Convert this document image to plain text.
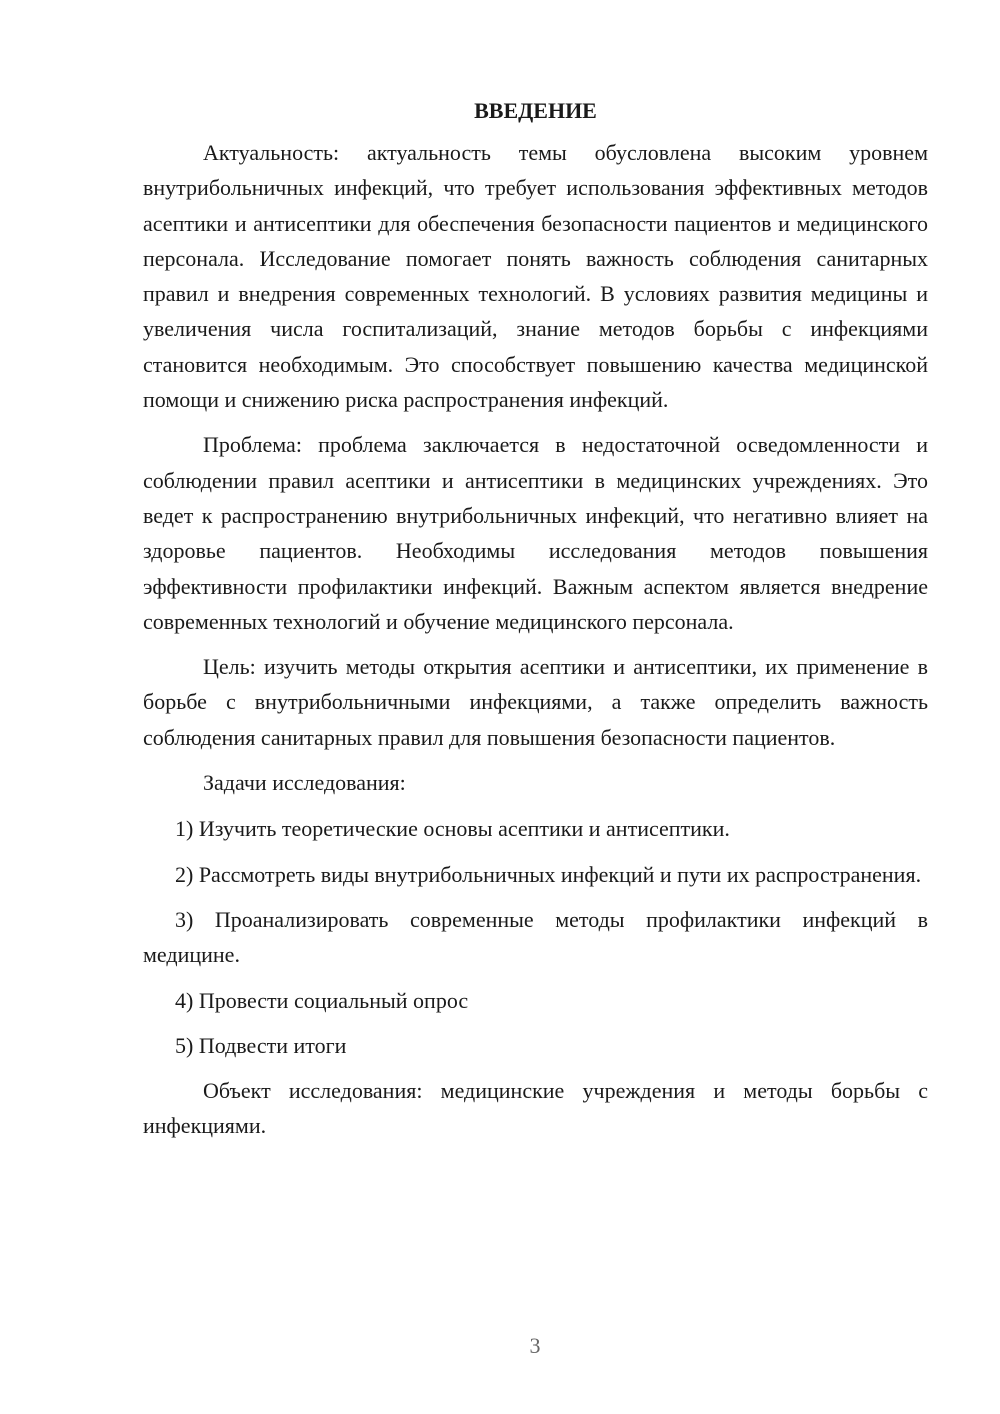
ВВЕДЕНИЕ

Актуальность: актуальность темы обусловлена высоким уровнем внутрибольничных инфекций, что требует использования эффективных методов асептики и антисептики для обеспечения безопасности пациентов и медицинского персонала. Исследование помогает понять важность соблюдения санитарных правил и внедрения современных технологий. В условиях развития медицины и увеличения числа госпитализаций, знание методов борьбы с инфекциями становится необходимым. Это способствует повышению качества медицинской помощи и снижению риска распространения инфекций.

Проблема: проблема заключается в недостаточной осведомленности и соблюдении правил асептики и антисептики в медицинских учреждениях. Это ведет к распространению внутрибольничных инфекций, что негативно влияет на здоровье пациентов. Необходимы исследования методов повышения эффективности профилактики инфекций. Важным аспектом является внедрение современных технологий и обучение медицинского персонала.

Цель: изучить методы открытия асептики и антисептики, их применение в борьбе с внутрибольничными инфекциями, а также определить важность соблюдения санитарных правил для повышения безопасности пациентов.

Задачи исследования:

1) Изучить теоретические основы асептики и антисептики.

2) Рассмотреть виды внутрибольничных инфекций и пути их распространения.

3) Проанализировать современные методы профилактики инфекций в медицине.

4) Провести социальный опрос

5) Подвести итоги

Объект исследования: медицинские учреждения и методы борьбы с инфекциями.

3
